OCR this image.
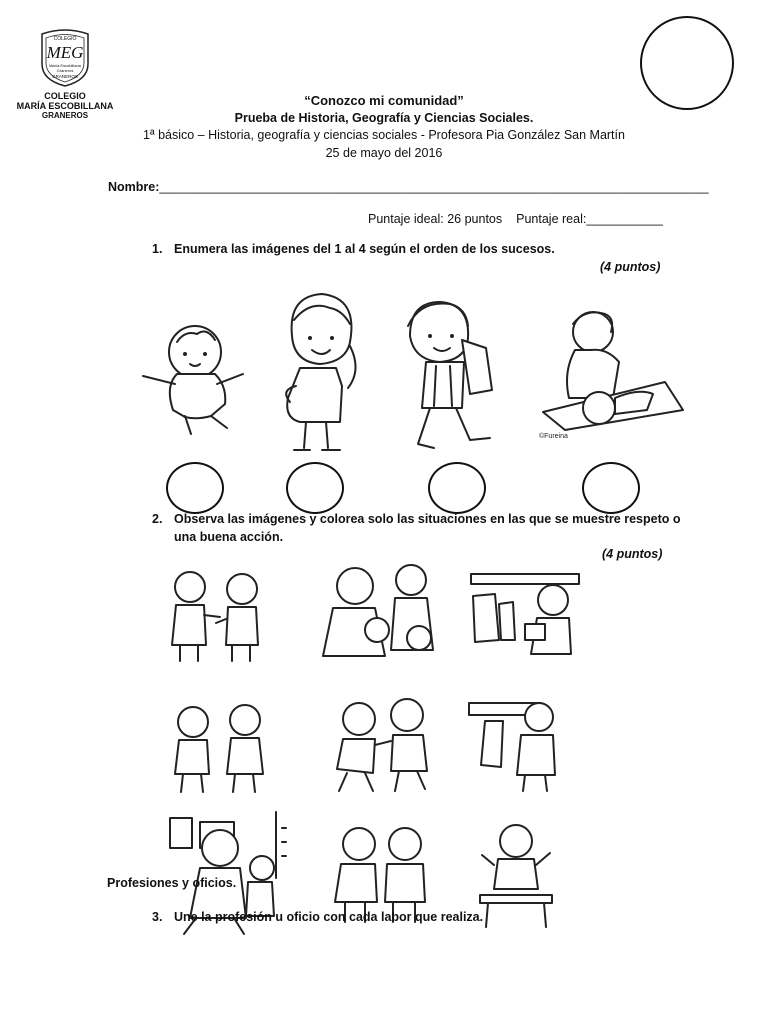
COLEGIO
MEG
María Escobillana Graneros
GRANEROS
COLEGIO
MARÍA ESCOBILLANA
GRANEROS
“Conozco mi comunidad”
Prueba de Historia, Geografía y Ciencias Sociales.
1ª básico – Historia, geografía y ciencias sociales - Profesora Pia González San Martín
25 de mayo del 2016
Nombre:_______________________________________________________________________________
Puntaje ideal: 26 puntos Puntaje real:___________
1. Enumera las imágenes del 1 al 4 según el orden de los sucesos.
(4 puntos)
©Fureina
2. Observa las imágenes y colorea solo las situaciones en las que se muestre respeto o
una buena acción.
(4 puntos)
Profesiones y oficios.
3. Une la profesión u oficio con cada labor que realiza.
